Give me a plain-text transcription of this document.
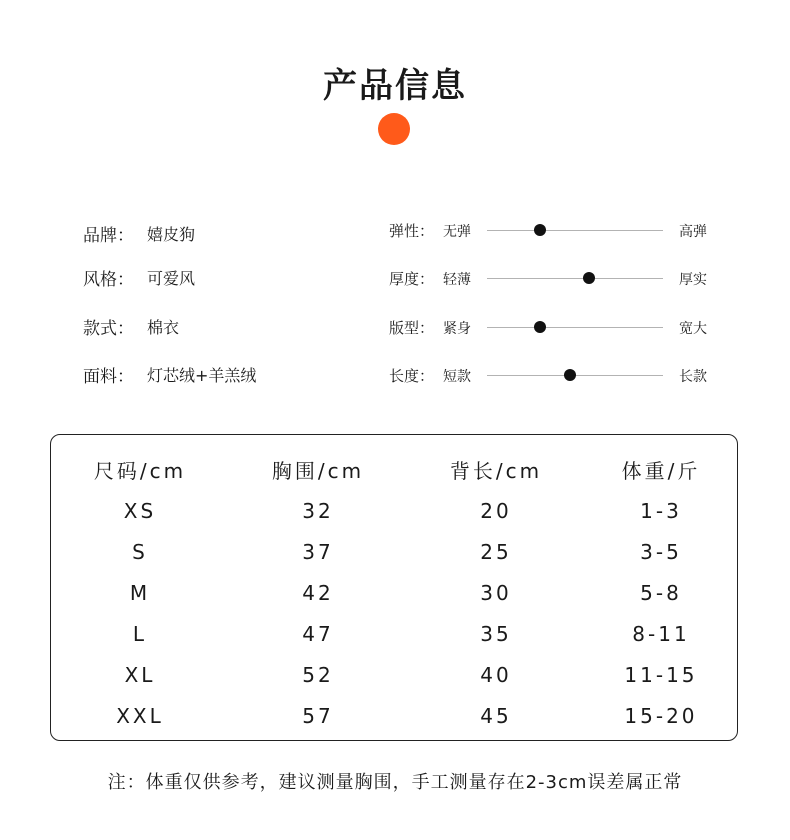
产品信息
品牌： 嬉皮狗
风格： 可爱风
款式： 棉衣
面料： 灯芯绒+羊羔绒
弹性： 无弹	高弹
厚度： 轻薄	厚实
版型： 紧身	宽大
长度： 短款	长款
尺码/cm	胸围/cm	背长/cm	体重/斤
XS	32	20	1-3
S	37	25	3-5
M	42	30	5-8
L	47	35	8-11
XL	52	40	11-15
XXL	57	45	15-20
注：体重仅供参考，建议测量胸围，手工测量存在2-3cm误差属正常
